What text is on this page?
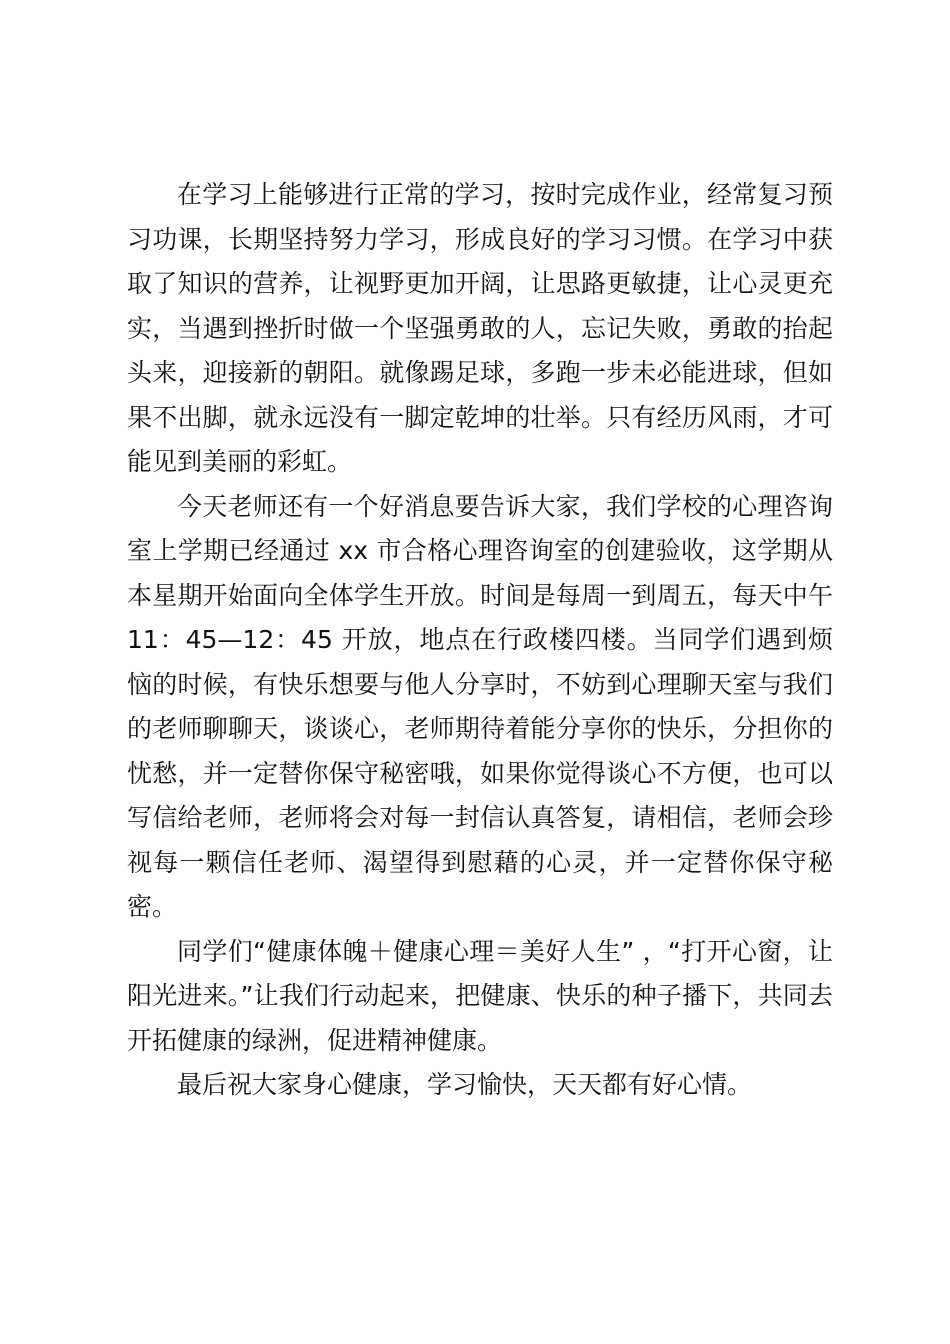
在学习上能够进行正常的学习，按时完成作业，经常复习预习功课，长期坚持努力学习，形成良好的学习习惯。在学习中获取了知识的营养，让视野更加开阔，让思路更敏捷，让心灵更充实，当遇到挫折时做一个坚强勇敢的人，忘记失败，勇敢的抬起头来，迎接新的朝阳。就像踢足球，多跑一步未必能进球，但如果不出脚，就永远没有一脚定乾坤的壮举。只有经历风雨，才可能见到美丽的彩虹。

今天老师还有一个好消息要告诉大家，我们学校的心理咨询室上学期已经通过 xx 市合格心理咨询室的创建验收，这学期从本星期开始面向全体学生开放。时间是每周一到周五，每天中午 11：45—12：45 开放，地点在行政楼四楼。当同学们遇到烦恼的时候，有快乐想要与他人分享时，不妨到心理聊天室与我们的老师聊聊天，谈谈心，老师期待着能分享你的快乐，分担你的忧愁，并一定替你保守秘密哦，如果你觉得谈心不方便，也可以写信给老师，老师将会对每一封信认真答复，请相信，老师会珍视每一颗信任老师、渴望得到慰藉的心灵，并一定替你保守秘密。

同学们“健康体魄＋健康心理＝美好人生” ，“打开心窗，让阳光进来。”让我们行动起来，把健康、快乐的种子播下，共同去开拓健康的绿洲，促进精神健康。

最后祝大家身心健康，学习愉快，天天都有好心情。
